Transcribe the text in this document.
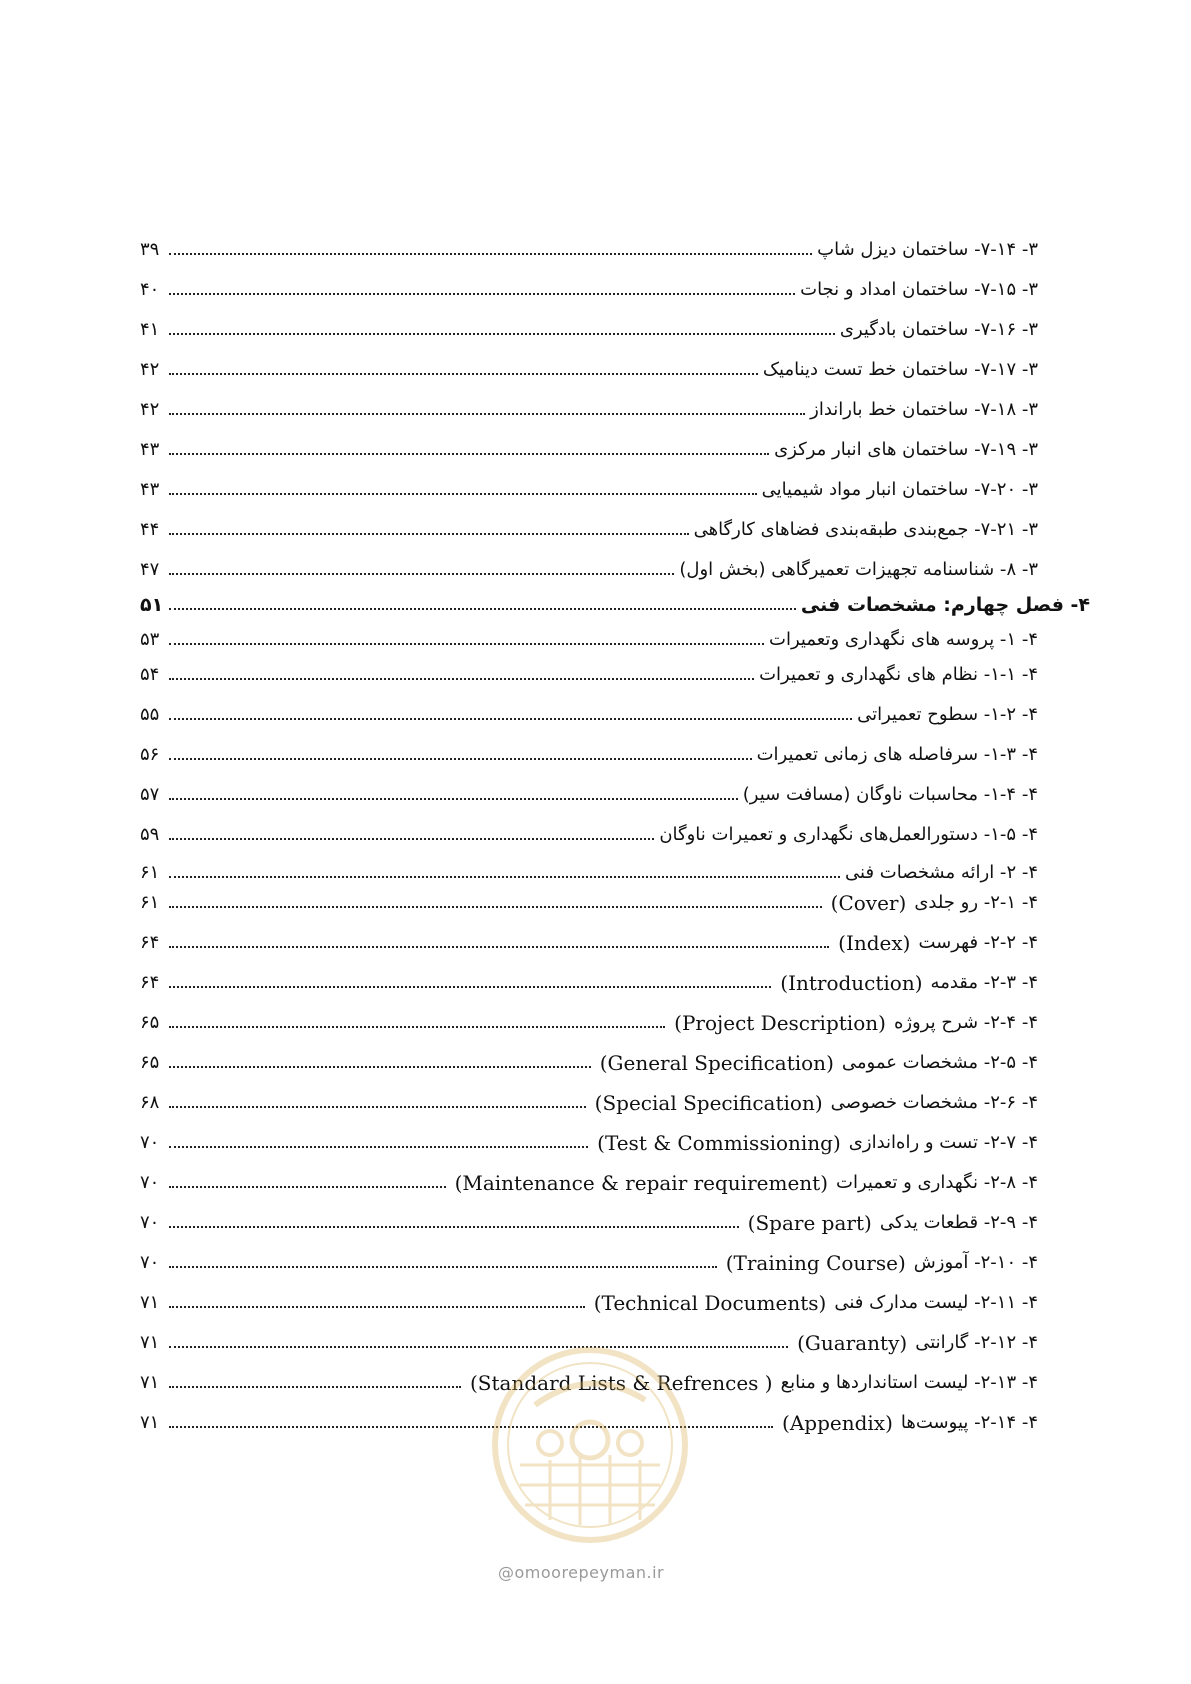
۳۹	۳- ۷-۱۴- ساختمان دیزل شاپ
۴۰	۳- ۷-۱۵- ساختمان امداد و نجات
۴۱	۳- ۷-۱۶- ساختمان بادگیری
۴۲	۳- ۷-۱۷- ساختمان خط تست دینامیک
۴۲	۳- ۷-۱۸- ساختمان خط بارانداز
۴۳	۳- ۷-۱۹- ساختمان های انبار مرکزی
۴۳	۳- ۷-۲۰- ساختمان انبار مواد شیمیایی
۴۴	۳- ۷-۲۱- جمع‌بندی طبقه‌بندی فضاهای کارگاهی
۴۷	۳- ۸- شناسنامه تجهیزات تعمیرگاهی (بخش اول)
۵۱	۴- فصل چهارم: مشخصات فنی
۵۳	۴- ۱- پروسه های نگهداری وتعمیرات
۵۴	۴- ۱-۱- نظام های نگهداری و تعمیرات
۵۵	۴- ۱-۲- سطوح تعمیراتی
۵۶	۴- ۱-۳- سرفاصله های زمانی تعمیرات
۵۷	۴- ۱-۴- محاسبات ناوگان (مسافت سیر)
۵۹	۴- ۱-۵- دستورالعمل‌های نگهداری و تعمیرات ناوگان
۶۱	۴- ۲- ارائه مشخصات فنی
۶۱	۴- ۲-۱- رو جلدی
(Cover)
۶۴	۴- ۲-۲- فهرست
(Index)
۶۴	۴- ۲-۳- مقدمه
(Introduction)
۶۵	۴- ۲-۴- شرح پروژه
(Project Description)
۶۵	۴- ۲-۵- مشخصات عمومی
(General Specification)
۶۸	۴- ۲-۶- مشخصات خصوصی
(Special Specification)
۷۰	۴- ۲-۷- تست و راه‌اندازی
(Test & Commissioning)
۷۰	۴- ۲-۸- نگهداری و تعمیرات
(Maintenance & repair requirement)
۷۰	۴- ۲-۹- قطعات یدکی
(Spare part)
۷۰	۴- ۲-۱۰- آموزش
(Training Course)
۷۱	۴- ۲-۱۱- لیست مدارک فنی
(Technical Documents)
۷۱	۴- ۲-۱۲- گارانتی
(Guaranty)
۷۱	۴- ۲-۱۳- لیست استانداردها و منابع
( Standard Lists & Refrences)
۷۱	۴- ۲-۱۴- پیوست‌ها
(Appendix)
@omoorepeyman.ir
